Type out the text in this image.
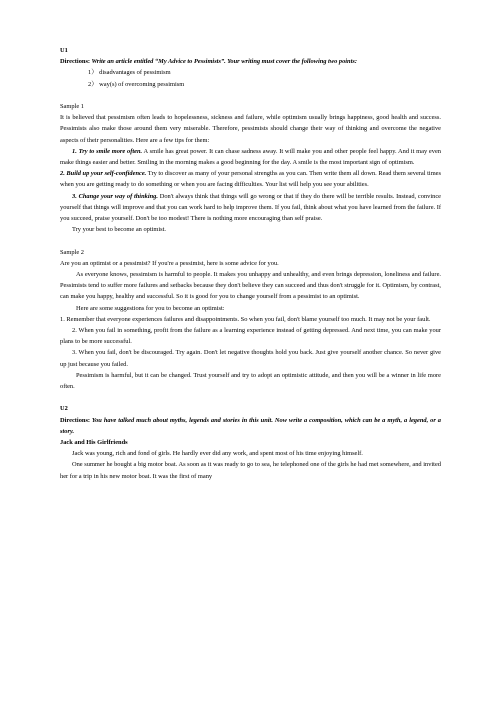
U1

Directions: Write an article entitled “My Advice to Pessimists”. Your writing must cover the following two points:

1） disadvantages of pessimism

2） way(s) of overcoming pessimism

Sample 1

It is believed that pessimism often leads to hopelessness, sickness and failure, while optimism usually brings happiness, good health and success. Pessimists also make those around them very miserable. Therefore, pessimists should change their way of thinking and overcome the negative aspects of their personalities. Here are a few tips for them:

1. Try to smile more often. A smile has great power. It can chase sadness away. It will make you and other people feel happy. And it may even make things easier and better. Smiling in the morning makes a good beginning for the day. A smile is the most important sign of optimism.

2. Build up your self-confidence. Try to discover as many of your personal strengths as you can. Then write them all down. Read them several times when you are getting ready to do something or when you are facing difficulties. Your list will help you see your abilities.

3. Change your way of thinking. Don't always think that things will go wrong or that if they do there will be terrible results. Instead, convince yourself that things will improve and that you can work hard to help improve them. If you fail, think about what you have learned from the failure. If you succeed, praise yourself. Don't be too modest! There is nothing more encouraging than self praise.

Try your best to become an optimist.

Sample 2

Are you an optimist or a pessimist? If you're a pessimist, here is some advice for you.

As everyone knows, pessimism is harmful to people. It makes you unhappy and unhealthy, and even brings depression, loneliness and failure. Pessimists tend to suffer more failures and setbacks because they don't believe they can succeed and thus don't struggle for it. Optimism, by contrast, can make you happy, healthy and successful. So it is good for you to change yourself from a pessimist to an optimist.

Here are some suggestions for you to become an optimist:

1. Remember that everyone experiences failures and disappointments. So when you fail, don't blame yourself too much. It may not be your fault.

2. When you fail in something, profit from the failure as a learning experience instead of getting depressed. And next time, you can make your plans to be more successful.

3. When you fail, don't be discouraged. Try again. Don't let negative thoughts hold you back. Just give yourself another chance. So never give up just because you failed.

Pessimism is harmful, but it can be changed. Trust yourself and try to adopt an optimistic attitude, and then you will be a winner in life more often.

U2

Directions: You have talked much about myths, legends and stories in this unit. Now write a composition, which can be a myth, a legend, or a story.

Jack and His Girlfriends

Jack was young, rich and fond of girls. He hardly ever did any work, and spent most of his time enjoying himself.

One summer he bought a big motor boat. As soon as it was ready to go to sea, he telephoned one of the girls he had met somewhere, and invited her for a trip in his new motor boat. It was the first of many
